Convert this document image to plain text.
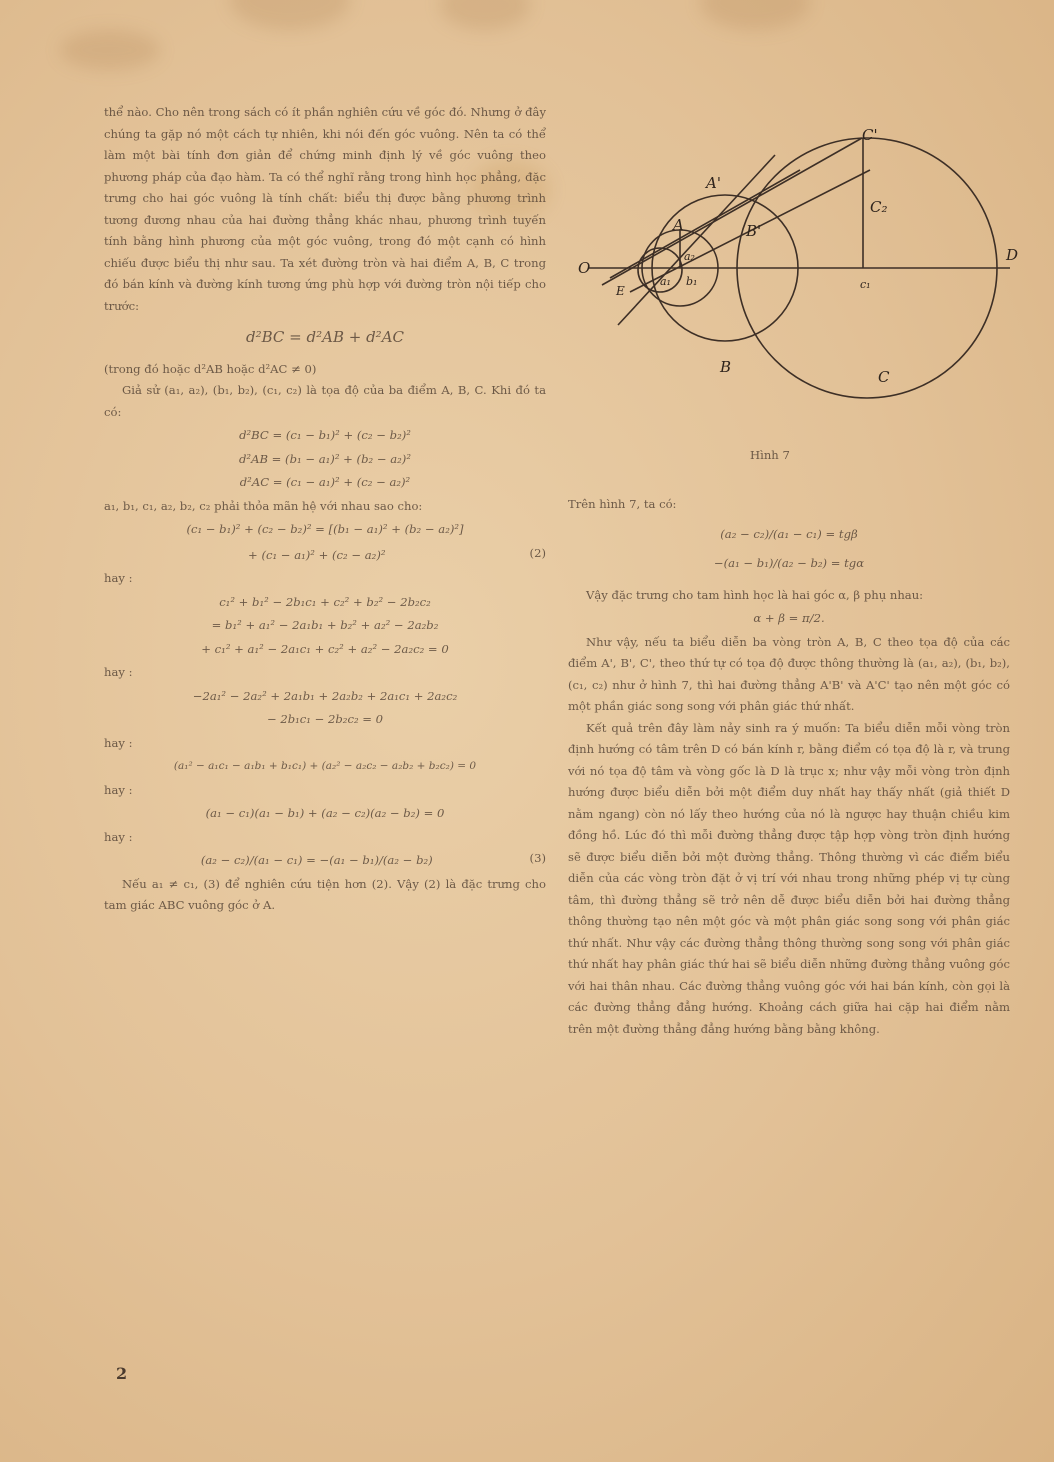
thể nào. Cho nên trong sách có ít phần nghiên cứu về góc đó. Nhưng ở đây chúng ta gặp nó một cách tự nhiên, khi nói đến góc vuông. Nên ta có thể làm một bài tính đơn giản để chứng minh định lý về góc vuông theo phương pháp của đạo hàm. Ta có thể nghĩ rằng trong hình học phẳng, đặc trưng cho hai góc vuông là tính chất: biểu thị được bằng phương trình tương đương nhau của hai đường thẳng khác nhau, phương trình tuyến tính bằng hình phương của một góc vuông, trong đó một cạnh có hình chiếu được biểu thị như sau. Ta xét đường tròn và hai điểm A, B, C trong đó bán kính và đường kính tương ứng phù hợp với đường tròn nội tiếp cho trước:

d²BC = d²AB + d²AC

(trong đó hoặc d²AB hoặc d²AC ≠ 0)

Giả sử (a₁, a₂), (b₁, b₂), (c₁, c₂) là tọa độ của ba điểm A, B, C. Khi đó ta có:

d²BC = (c₁ − b₁)² + (c₂ − b₂)²

d²AB = (b₁ − a₁)² + (b₂ − a₂)²

d²AC = (c₁ − a₁)² + (c₂ − a₂)²

a₁, b₁, c₁, a₂, b₂, c₂ phải thỏa mãn hệ với nhau sao cho:

(c₁ − b₁)² + (c₂ − b₂)² = [(b₁ − a₁)² + (b₂ − a₂)²]

+ (c₁ − a₁)² + (c₂ − a₂)²	(2)

hay :

c₁² + b₁² − 2b₁c₁ + c₂² + b₂² − 2b₂c₂

= b₁² + a₁² − 2a₁b₁ + b₂² + a₂² − 2a₂b₂

+ c₁² + a₁² − 2a₁c₁ + c₂² + a₂² − 2a₂c₂ = 0

hay :

−2a₁² − 2a₂² + 2a₁b₁ + 2a₂b₂ + 2a₁c₁ + 2a₂c₂

− 2b₁c₁ − 2b₂c₂ = 0

hay :

(a₁² − a₁c₁ − a₁b₁ + b₁c₁) + (a₂² − a₂c₂ − a₂b₂ + b₂c₂) = 0

hay :

(a₁ − c₁)(a₁ − b₁) + (a₂ − c₂)(a₂ − b₂) = 0

hay :

(a₂ − c₂)/(a₁ − c₁) = −(a₁ − b₁)/(a₂ − b₂)	(3)

Nếu a₁ ≠ c₁, (3) để nghiên cứu tiện hơn (2). Vậy (2) là đặc trưng cho tam giác ABC vuông góc ở A.

O
D
A'
A	B'
B
C'
C
C₂
a₂
a₁ b₁	c₁
E
Hình 7

Trên hình 7, ta có:

(a₂ − c₂)/(a₁ − c₁) = tgβ

−(a₁ − b₁)/(a₂ − b₂) = tgα

Vậy đặc trưng cho tam hình học là hai góc α, β phụ nhau:

α + β = π/2.

Như vậy, nếu ta biểu diễn ba vòng tròn A, B, C theo tọa độ của các điểm A', B', C', theo thứ tự có tọa độ được thông thường là (a₁, a₂), (b₁, b₂), (c₁, c₂) như ở hình 7, thì hai đường thẳng A'B' và A'C' tạo nên một góc có một phần giác song song với phân giác thứ nhất.

Kết quả trên đây làm nảy sinh ra ý muốn: Ta biểu diễn mỗi vòng tròn định hướng có tâm trên D có bán kính r, bằng điểm có tọa độ là r, và trung với nó tọa độ tâm và vòng gốc là D là trục x; như vậy mỗi vòng tròn định hướng được biểu diễn bởi một điểm duy nhất hay thấy nhất (giả thiết D nằm ngang) còn nó lấy theo hướng của nó là ngược hay thuận chiều kim đồng hồ. Lúc đó thì mỗi đường thẳng được tập hợp vòng tròn định hướng sẽ được biểu diễn bởi một đường thẳng. Thông thường vì các điểm biểu diễn của các vòng tròn đặt ở vị trí với nhau trong những phép vị tự cùng tâm, thì đường thẳng sẽ trở nên dễ được biểu diễn bởi hai đường thẳng thông thường tạo nên một góc và một phân giác song song với phân giác thứ nhất. Như vậy các đường thẳng thông thường song song với phân giác thứ nhất hay phân giác thứ hai sẽ biểu diễn những đường thẳng vuông góc với hai thân nhau. Các đường thẳng vuông góc với hai bán kính, còn gọi là các đường thẳng đẳng hướng. Khoảng cách giữa hai cặp hai điểm nằm trên một đường thẳng đẳng hướng bằng bằng không.

2
